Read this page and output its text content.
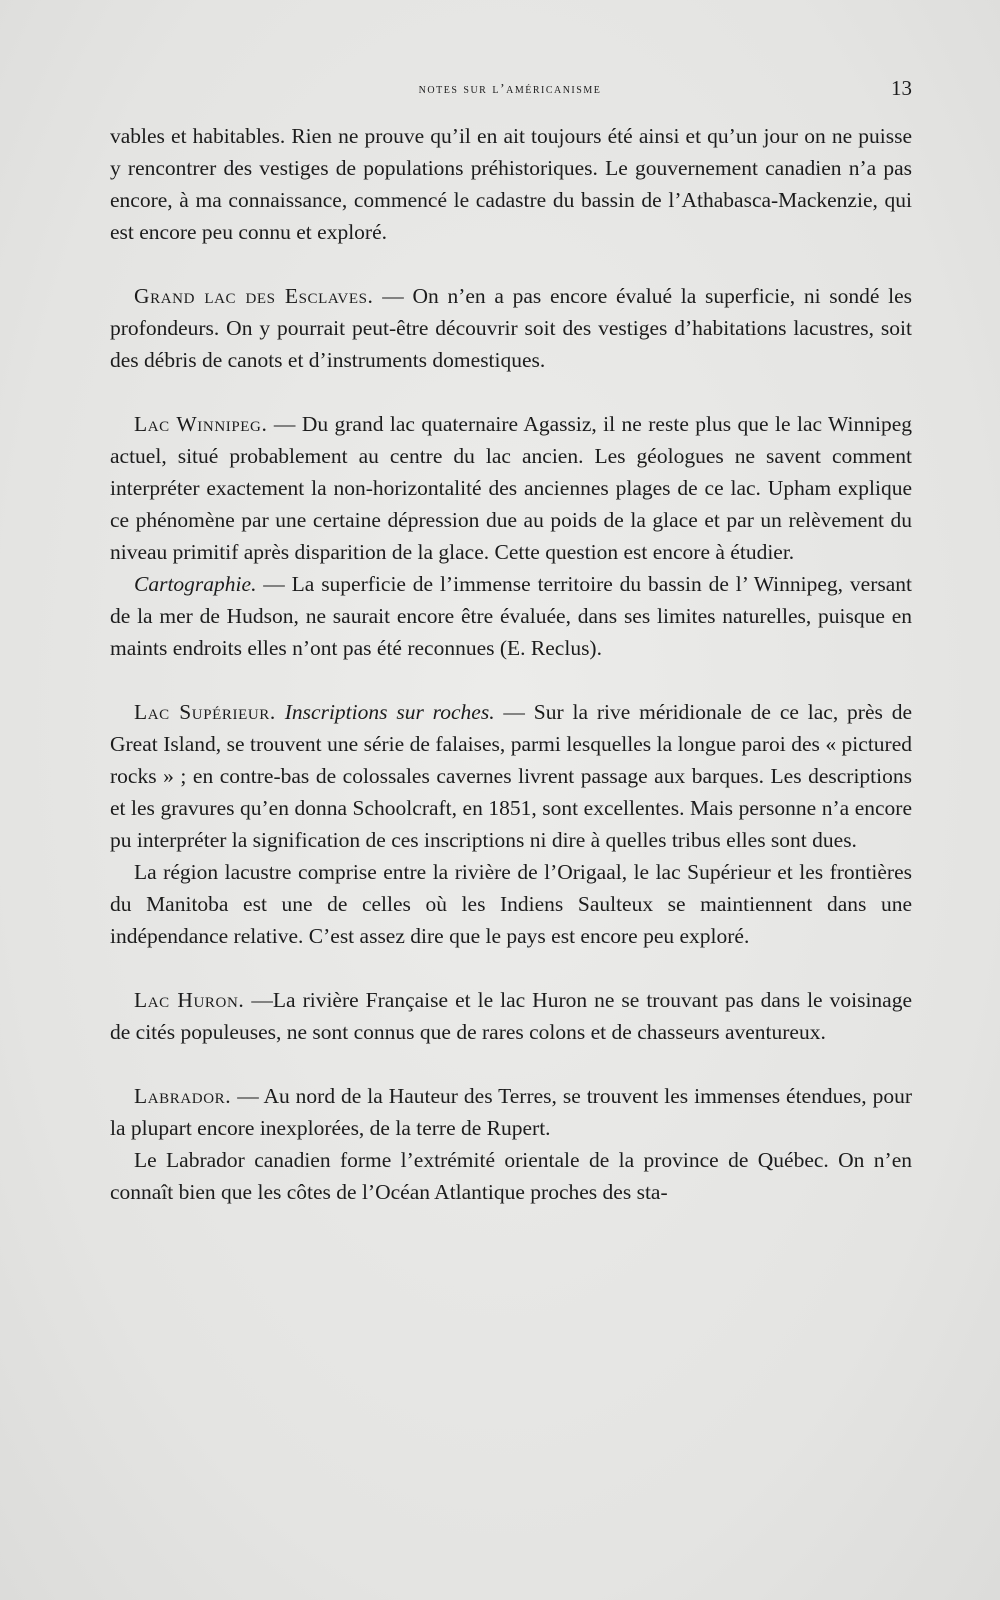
notes sur l’américanisme	13

vables et habitables. Rien ne prouve qu’il en ait toujours été ainsi et qu’un jour on ne puisse y rencontrer des vestiges de populations préhistoriques. Le gouvernement canadien n’a pas encore, à ma connaissance, commencé le cadastre du bassin de l’Athabasca-Mackenzie, qui est encore peu connu et exploré.

Grand lac des Esclaves. — On n’en a pas encore évalué la superficie, ni sondé les profondeurs. On y pourrait peut-être découvrir soit des vestiges d’habitations lacustres, soit des débris de canots et d’instruments domestiques.

Lac Winnipeg. — Du grand lac quaternaire Agassiz, il ne reste plus que le lac Winnipeg actuel, situé probablement au centre du lac ancien. Les géologues ne savent comment interpréter exactement la non-horizontalité des anciennes plages de ce lac. Upham explique ce phénomène par une certaine dépression due au poids de la glace et par un relèvement du niveau primitif après disparition de la glace. Cette question est encore à étudier.

Cartographie. — La superficie de l’immense territoire du bassin de l’ Winnipeg, versant de la mer de Hudson, ne saurait encore être évaluée, dans ses limites naturelles, puisque en maints endroits elles n’ont pas été reconnues (E. Reclus).

Lac Supérieur. Inscriptions sur roches. — Sur la rive méridionale de ce lac, près de Great Island, se trouvent une série de falaises, parmi lesquelles la longue paroi des « pictured rocks » ; en contre-bas de colossales cavernes livrent passage aux barques. Les descriptions et les gravures qu’en donna Schoolcraft, en 1851, sont excellentes. Mais personne n’a encore pu interpréter la signification de ces inscriptions ni dire à quelles tribus elles sont dues.

La région lacustre comprise entre la rivière de l’Origaal, le lac Supérieur et les frontières du Manitoba est une de celles où les Indiens Saulteux se maintiennent dans une indépendance relative. C’est assez dire que le pays est encore peu exploré.

Lac Huron. —La rivière Française et le lac Huron ne se trouvant pas dans le voisinage de cités populeuses, ne sont connus que de rares colons et de chasseurs aventureux.

Labrador. — Au nord de la Hauteur des Terres, se trouvent les immenses étendues, pour la plupart encore inexplorées, de la terre de Rupert.

Le Labrador canadien forme l’extrémité orientale de la province de Québec. On n’en connaît bien que les côtes de l’Océan Atlantique proches des sta-
